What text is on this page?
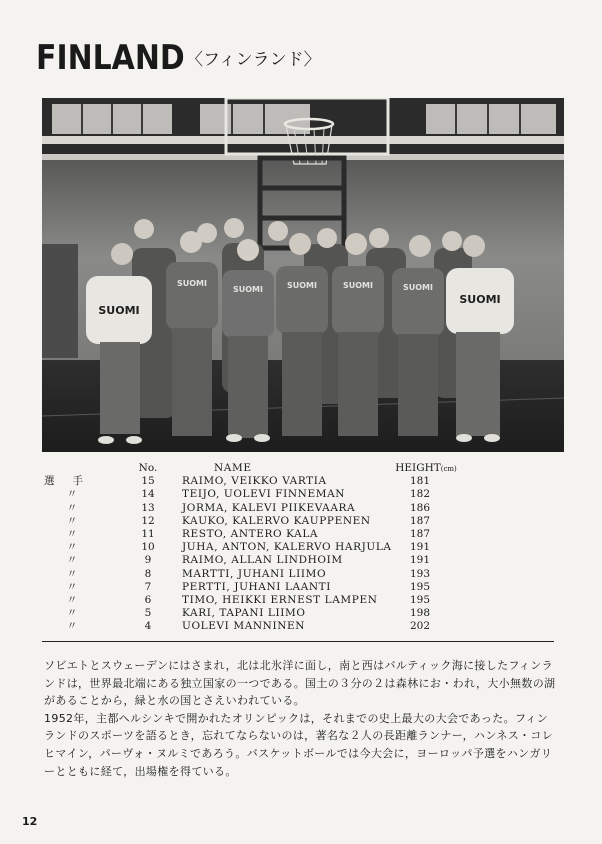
FINLAND 〈フィンランド〉
SUOMI
SUOMI
SUOMI
SUOMI	SUOMI	SUOMI	SUOMI
No.	NAME	HEIGHT(cm)
選手	15	RAIMO, VEIKKO VARTIA	181
〃	14	TEIJO, UOLEVI FINNEMAN	182
〃	13	JORMA, KALEVI PIIKEVAARA	186
〃	12	KAUKO, KALERVO KAUPPENEN	187
〃	11	RESTO, ANTERO KALA	187
〃	10	JUHA, ANTON, KALERVO HARJULA	191
〃	9	RAIMO, ALLAN LINDHOIM	191
〃	8	MARTTI, JUHANI LIIMO	193
〃	7	PERTTI, JUHANI LAANTI	195
〃	6	TIMO, HEIKKI ERNEST LAMPEN	195
〃	5	KARI, TAPANI LIIMO	198
〃	4	UOLEVI MANNINEN	202

ソビエトとスウェーデンにはさまれ，北は北氷洋に面し，南と西はバルティック海に接したフィンランドは，世界最北端にある独立国家の一つである。国土の３分の２は森林にお・われ，大小無数の湖があることから，緑と水の国とさえいわれている。

1952年，主都ヘルシンキで開かれたオリンピックは，それまでの史上最大の大会であった。フィンランドのスポーツを語るとき，忘れてならないのは，著名な２人の長距離ランナー，ハンネス・コレヒマイン，パーヴォ・ヌルミであろう。バスケットボールでは今大会に，ヨーロッパ予選をハンガリーとともに経て，出場権を得ている。

12
